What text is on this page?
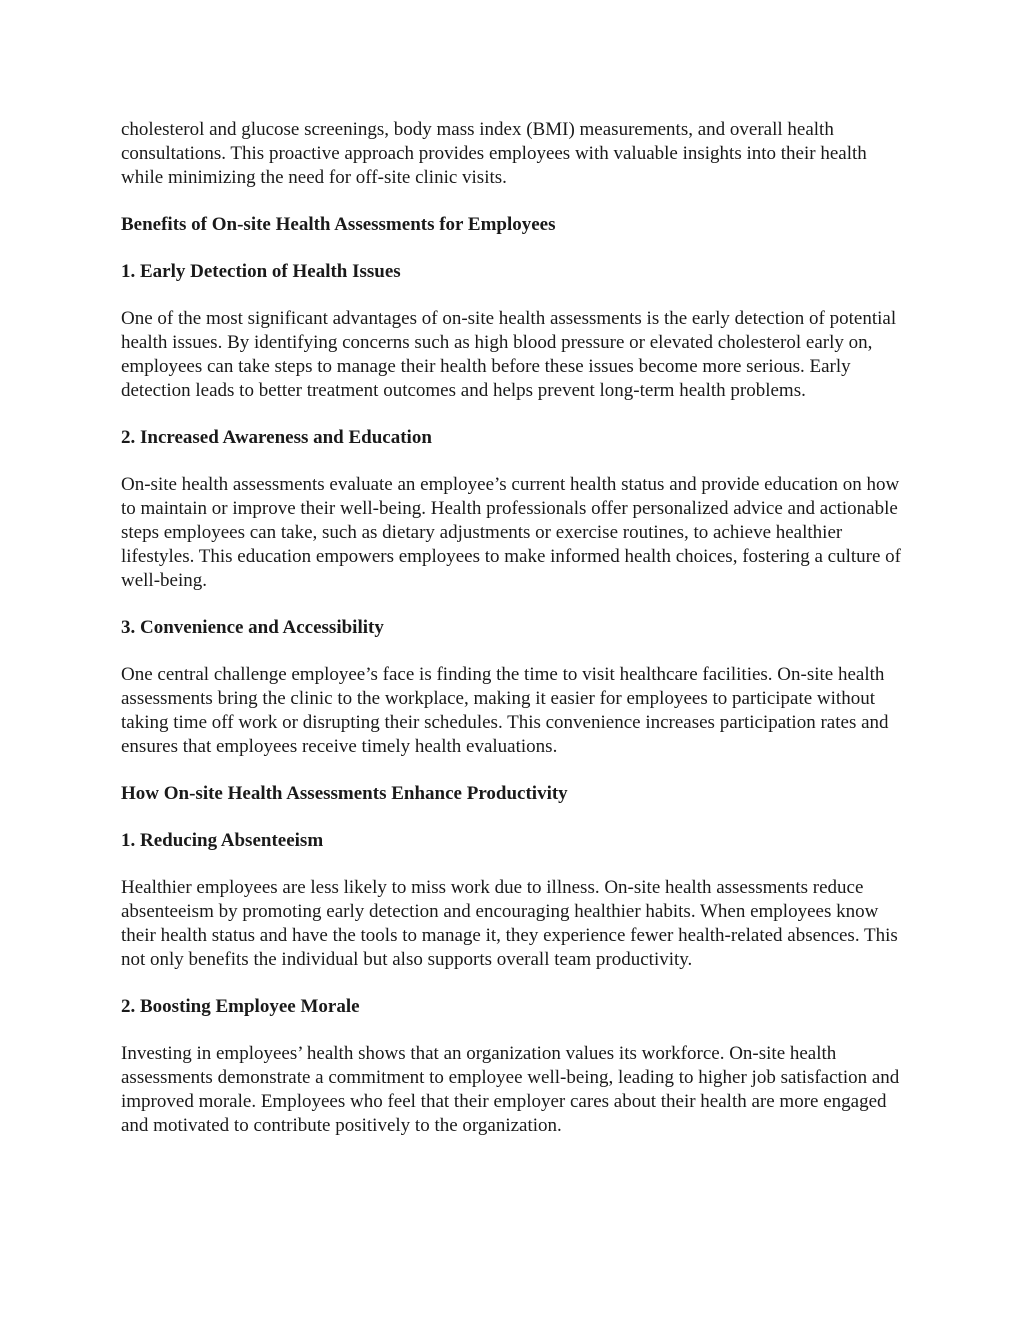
cholesterol and glucose screenings, body mass index (BMI) measurements, and overall health consultations. This proactive approach provides employees with valuable insights into their health while minimizing the need for off-site clinic visits.

Benefits of On-site Health Assessments for Employees

1. Early Detection of Health Issues

One of the most significant advantages of on-site health assessments is the early detection of potential health issues. By identifying concerns such as high blood pressure or elevated cholesterol early on, employees can take steps to manage their health before these issues become more serious. Early detection leads to better treatment outcomes and helps prevent long-term health problems.

2. Increased Awareness and Education

On-site health assessments evaluate an employee’s current health status and provide education on how to maintain or improve their well-being. Health professionals offer personalized advice and actionable steps employees can take, such as dietary adjustments or exercise routines, to achieve healthier lifestyles. This education empowers employees to make informed health choices, fostering a culture of well-being.

3. Convenience and Accessibility

One central challenge employee’s face is finding the time to visit healthcare facilities. On-site health assessments bring the clinic to the workplace, making it easier for employees to participate without taking time off work or disrupting their schedules. This convenience increases participation rates and ensures that employees receive timely health evaluations.

How On-site Health Assessments Enhance Productivity

1. Reducing Absenteeism

Healthier employees are less likely to miss work due to illness. On-site health assessments reduce absenteeism by promoting early detection and encouraging healthier habits. When employees know their health status and have the tools to manage it, they experience fewer health-related absences. This not only benefits the individual but also supports overall team productivity.

2. Boosting Employee Morale

Investing in employees’ health shows that an organization values its workforce. On-site health assessments demonstrate a commitment to employee well-being, leading to higher job satisfaction and improved morale. Employees who feel that their employer cares about their health are more engaged and motivated to contribute positively to the organization.
